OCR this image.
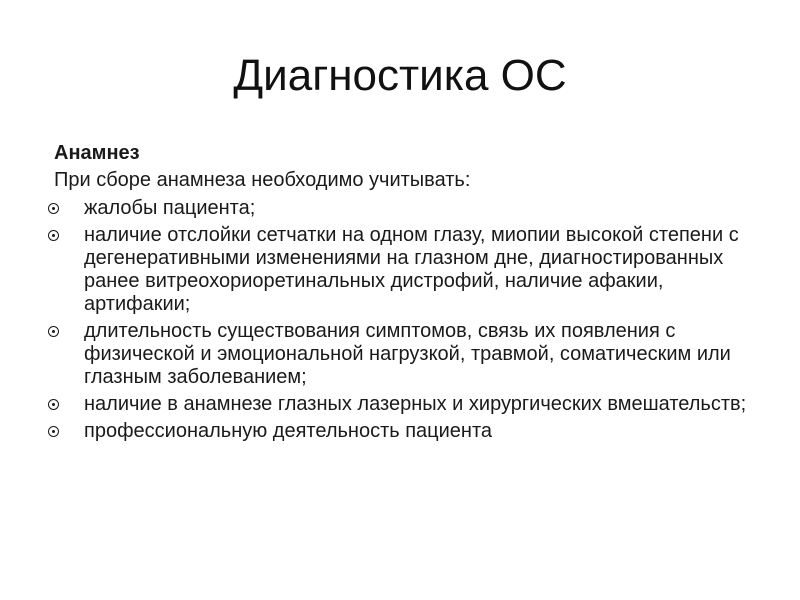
Диагностика ОС
Анамнез
При сборе анамнеза необходимо учитывать:
жалобы пациента;
наличие отслойки сетчатки на одном глазу, миопии высокой степени с дегенеративными изменениями на глазном дне, диагностированных ранее витреохориоретинальных дистрофий, наличие афакии, артифакии;
длительность существования симптомов, связь их появления с физической и эмоциональной нагрузкой, травмой, соматическим или глазным заболеванием;
наличие в анамнезе глазных лазерных и хирургических вмешательств;
профессиональную деятельность пациента
